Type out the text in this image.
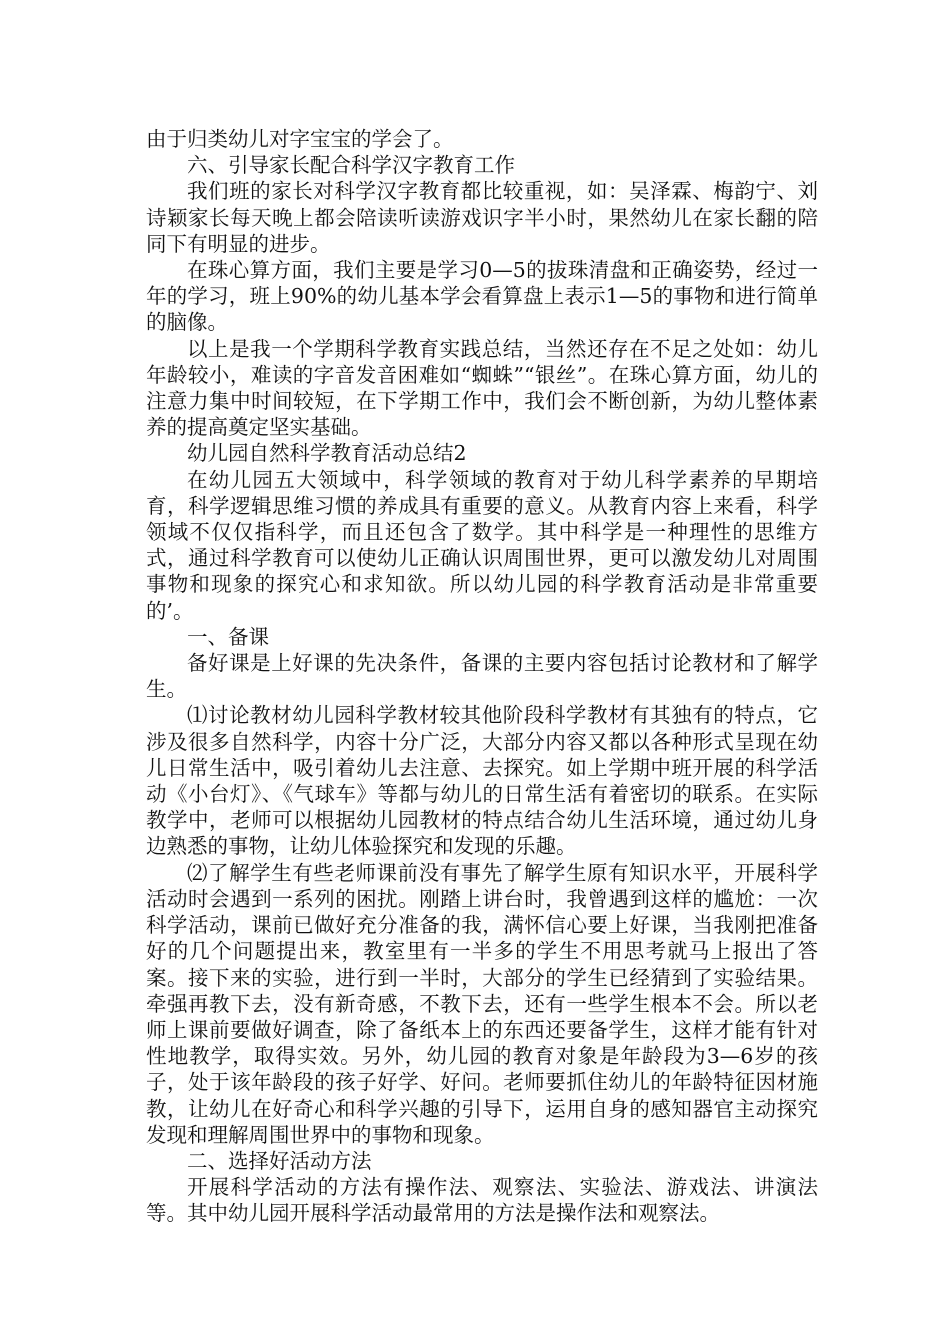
由于归类幼儿对字宝宝的学会了。

六、引导家长配合科学汉字教育工作

我们班的家长对科学汉字教育都比较重视，如：吴泽霖、梅韵宁、刘诗颖家长每天晚上都会陪读听读游戏识字半小时，果然幼儿在家长翻的陪同下有明显的进步。

在珠心算方面，我们主要是学习0—5的拔珠清盘和正确姿势，经过一年的学习，班上90%的幼儿基本学会看算盘上表示1—5的事物和进行简单的脑像。

以上是我一个学期科学教育实践总结，当然还存在不足之处如：幼儿年龄较小，难读的字音发音困难如“蜘蛛”“银丝”。在珠心算方面，幼儿的注意力集中时间较短，在下学期工作中，我们会不断创新，为幼儿整体素养的提高奠定坚实基础。

幼儿园自然科学教育活动总结2

在幼儿园五大领域中，科学领域的教育对于幼儿科学素养的早期培育，科学逻辑思维习惯的养成具有重要的意义。从教育内容上来看，科学领域不仅仅指科学，而且还包含了数学。其中科学是一种理性的思维方式，通过科学教育可以使幼儿正确认识周围世界，更可以激发幼儿对周围事物和现象的探究心和求知欲。所以幼儿园的科学教育活动是非常重要的’。

一、备课

备好课是上好课的先决条件，备课的主要内容包括讨论教材和了解学生。

⑴讨论教材幼儿园科学教材较其他阶段科学教材有其独有的特点，它涉及很多自然科学，内容十分广泛，大部分内容又都以各种形式呈现在幼儿日常生活中，吸引着幼儿去注意、去探究。如上学期中班开展的科学活动《小台灯》、《气球车》等都与幼儿的日常生活有着密切的联系。在实际教学中，老师可以根据幼儿园教材的特点结合幼儿生活环境，通过幼儿身边熟悉的事物，让幼儿体验探究和发现的乐趣。

⑵了解学生有些老师课前没有事先了解学生原有知识水平，开展科学活动时会遇到一系列的困扰。刚踏上讲台时，我曾遇到这样的尴尬：一次科学活动，课前已做好充分准备的我，满怀信心要上好课，当我刚把准备好的几个问题提出来，教室里有一半多的学生不用思考就马上报出了答案。接下来的实验，进行到一半时，大部分的学生已经猜到了实验结果。牵强再教下去，没有新奇感，不教下去，还有一些学生根本不会。所以老师上课前要做好调查，除了备纸本上的东西还要备学生，这样才能有针对性地教学，取得实效。另外，幼儿园的教育对象是年龄段为3—6岁的孩子，处于该年龄段的孩子好学、好问。老师要抓住幼儿的年龄特征因材施教，让幼儿在好奇心和科学兴趣的引导下，运用自身的感知器官主动探究发现和理解周围世界中的事物和现象。

二、选择好活动方法

开展科学活动的方法有操作法、观察法、实验法、游戏法、讲演法等。其中幼儿园开展科学活动最常用的方法是操作法和观察法。
